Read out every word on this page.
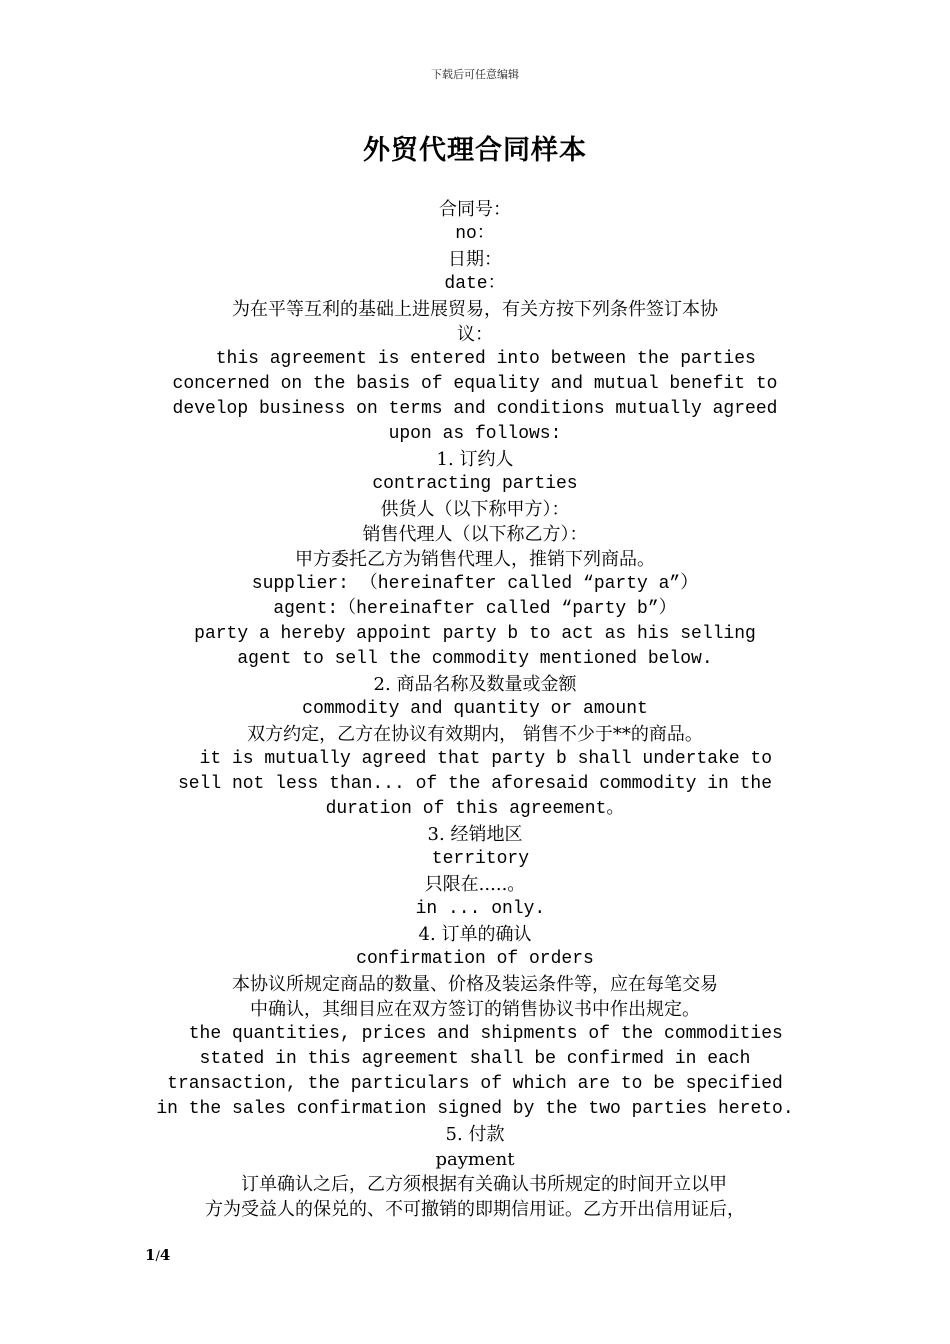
下载后可任意编辑
外贸代理合同样本
合同号：
no：
日期：
date：
为在平等互利的基础上进展贸易，有关方按下列条件签订本协
议：
this agreement is entered into between the parties
concerned on the basis of equality and mutual benefit to
develop business on terms and conditions mutually agreed
upon as follows:
1. 订约人
contracting parties
供货人（以下称甲方）：
销售代理人（以下称乙方）：
甲方委托乙方为销售代理人，推销下列商品。
supplier: （hereinafter called “party a”）
agent:（hereinafter called “party b”）
party a hereby appoint party b to act as his selling
agent to sell the commodity mentioned below.
2. 商品名称及数量或金额
commodity and quantity or amount
双方约定，乙方在协议有效期内， 销售不少于**的商品。
it is mutually agreed that party b shall undertake to
sell not less than... of the aforesaid commodity in the
duration of this agreement。
3. 经销地区
territory
只限在.....。
in ... only.
4. 订单的确认
confirmation of orders
本协议所规定商品的数量、价格及装运条件等，应在每笔交易
中确认，其细目应在双方签订的销售协议书中作出规定。
the quantities, prices and shipments of the commodities
stated in this agreement shall be confirmed in each
transaction, the particulars of which are to be specified
in the sales confirmation signed by the two parties hereto.
5. 付款
payment
　订单确认之后，乙方须根据有关确认书所规定的时间开立以甲
方为受益人的保兑的、不可撤销的即期信用证。乙方开出信用证后，
1/4
